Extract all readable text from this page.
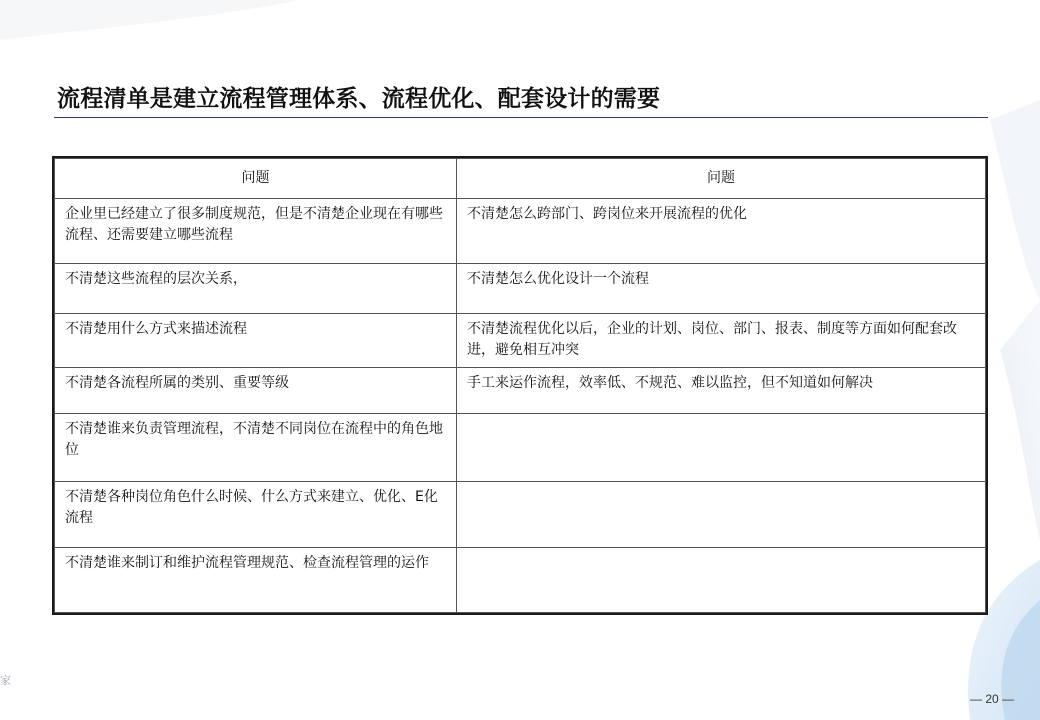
流程清单是建立流程管理体系、流程优化、配套设计的需要
问题	问题
企业里已经建立了很多制度规范，但是不清楚企业现在有哪些流程、还需要建立哪些流程	不清楚怎么跨部门、跨岗位来开展流程的优化
不清楚这些流程的层次关系，	不清楚怎么优化设计一个流程
不清楚用什么方式来描述流程	不清楚流程优化以后，企业的计划、岗位、部门、报表、制度等方面如何配套改进，避免相互冲突
不清楚各流程所属的类别、重要等级	手工来运作流程，效率低、不规范、难以监控，但不知道如何解决
不清楚谁来负责管理流程，不清楚不同岗位在流程中的角色地位	
不清楚各种岗位角色什么时候、什么方式来建立、优化、E化流程	
不清楚谁来制订和维护流程管理规范、检查流程管理的运作	
家
— 20 —
